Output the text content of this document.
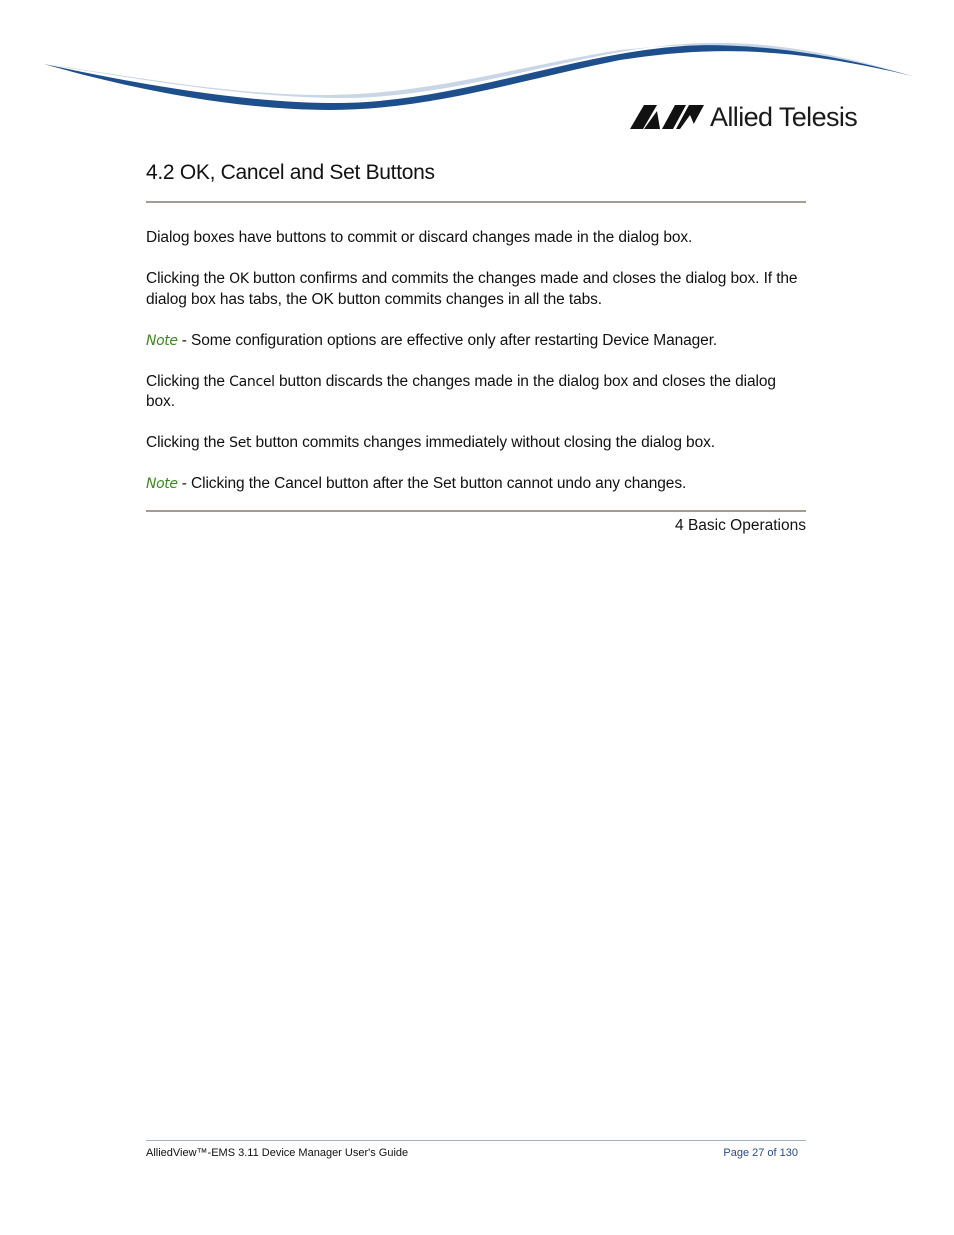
Allied Telesis
4.2 OK, Cancel and Set Buttons

Dialog boxes have buttons to commit or discard changes made in the dialog box.

Clicking the OK button confirms and commits the changes made and closes the dialog box. If the dialog box has tabs, the OK button commits changes in all the tabs.

Note - Some configuration options are effective only after restarting Device Manager.

Clicking the Cancel button discards the changes made in the dialog box and closes the dialog box.

Clicking the Set button commits changes immediately without closing the dialog box.

Note - Clicking the Cancel button after the Set button cannot undo any changes.

4 Basic Operations
AlliedView™-EMS 3.11 Device Manager User's Guide	Page 27 of 130
